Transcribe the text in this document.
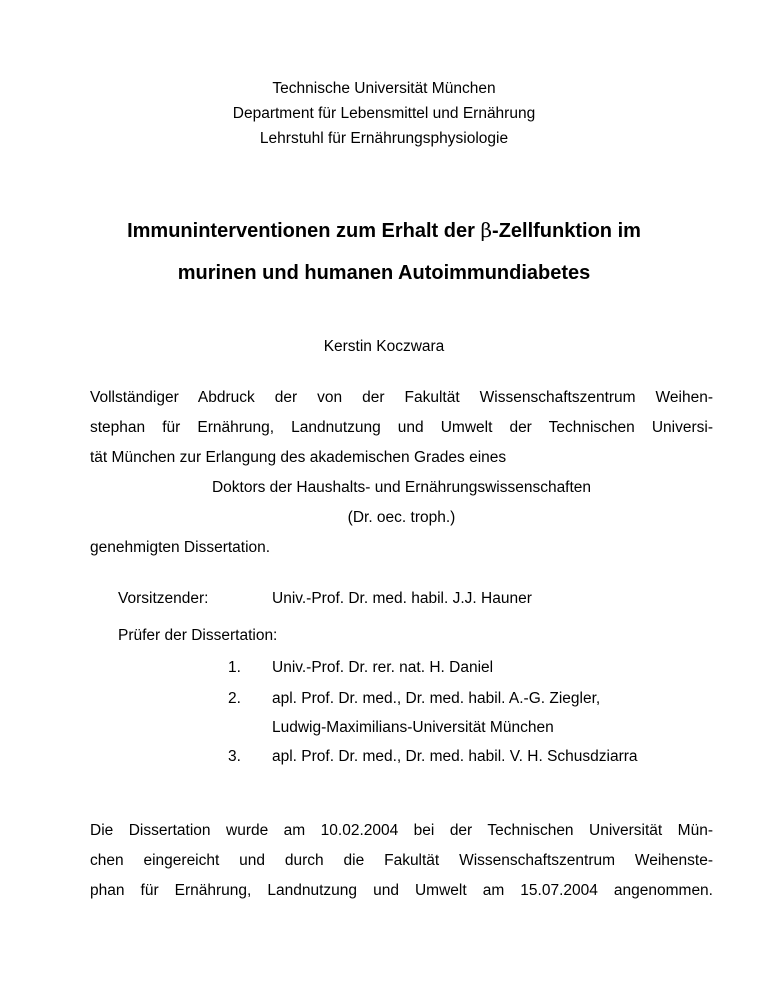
Technische Universität München
Department für Lebensmittel und Ernährung
Lehrstuhl für Ernährungsphysiologie
Immuninterventionen zum Erhalt der β-Zellfunktion im
murinen und humanen Autoimmundiabetes
Kerstin Koczwara
Vollständiger Abdruck der von der Fakultät Wissenschaftszentrum Weihen-
stephan für Ernährung, Landnutzung und Umwelt der Technischen Universi-
tät München zur Erlangung des akademischen Grades eines
Doktors der Haushalts- und Ernährungswissenschaften
(Dr. oec. troph.)
genehmigten Dissertation.
Vorsitzender:	Univ.-Prof. Dr. med. habil. J.J. Hauner
Prüfer der Dissertation:
1. Univ.-Prof. Dr. rer. nat. H. Daniel
2. apl. Prof. Dr. med., Dr. med. habil. A.-G. Ziegler,
Ludwig-Maximilians-Universität München
3. apl. Prof. Dr. med., Dr. med. habil. V. H. Schusdziarra
Die Dissertation wurde am 10.02.2004 bei der Technischen Universität Mün-
chen eingereicht und durch die Fakultät Wissenschaftszentrum Weihenste-
phan für Ernährung, Landnutzung und Umwelt am 15.07.2004 angenommen.
